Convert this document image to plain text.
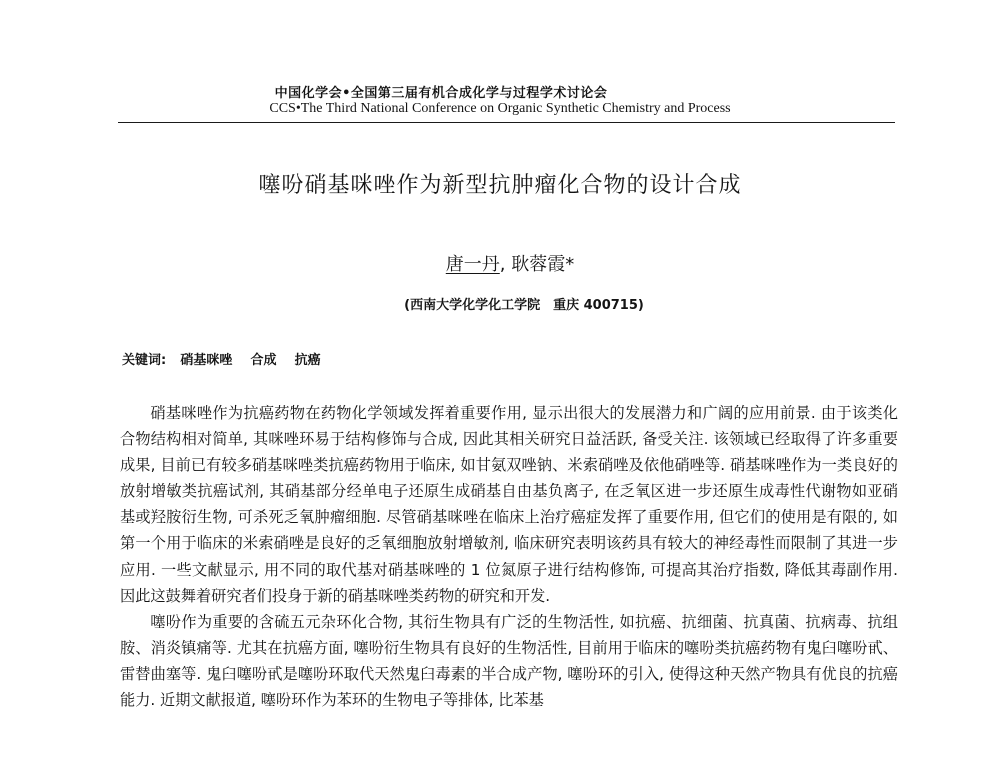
中国化学会•全国第三届有机合成化学与过程学术讨论会
CCS•The Third National Conference on Organic Synthetic Chemistry and Process
噻吩硝基咪唑作为新型抗肿瘤化合物的设计合成
唐一丹, 耿蓉霞*
(西南大学化学化工学院　重庆 400715)
关键词: 硝基咪唑 合成 抗癌

硝基咪唑作为抗癌药物在药物化学领域发挥着重要作用, 显示出很大的发展潜力和广阔的应用前景. 由于该类化合物结构相对简单, 其咪唑环易于结构修饰与合成, 因此其相关研究日益活跃, 备受关注. 该领域已经取得了许多重要成果, 目前已有较多硝基咪唑类抗癌药物用于临床, 如甘氨双唑钠、米索硝唑及依他硝唑等. 硝基咪唑作为一类良好的放射增敏类抗癌试剂, 其硝基部分经单电子还原生成硝基自由基负离子, 在乏氧区进一步还原生成毒性代谢物如亚硝基或羟胺衍生物, 可杀死乏氧肿瘤细胞. 尽管硝基咪唑在临床上治疗癌症发挥了重要作用, 但它们的使用是有限的, 如第一个用于临床的米索硝唑是良好的乏氧细胞放射增敏剂, 临床研究表明该药具有较大的神经毒性而限制了其进一步应用. 一些文献显示, 用不同的取代基对硝基咪唑的 1 位氮原子进行结构修饰, 可提高其治疗指数, 降低其毒副作用. 因此这鼓舞着研究者们投身于新的硝基咪唑类药物的研究和开发.

噻吩作为重要的含硫五元杂环化合物, 其衍生物具有广泛的生物活性, 如抗癌、抗细菌、抗真菌、抗病毒、抗组胺、消炎镇痛等. 尤其在抗癌方面, 噻吩衍生物具有良好的生物活性, 目前用于临床的噻吩类抗癌药物有鬼臼噻吩甙、雷替曲塞等. 鬼臼噻吩甙是噻吩环取代天然鬼臼毒素的半合成产物, 噻吩环的引入, 使得这种天然产物具有优良的抗癌能力. 近期文献报道, 噻吩环作为苯环的生物电子等排体, 比苯基
